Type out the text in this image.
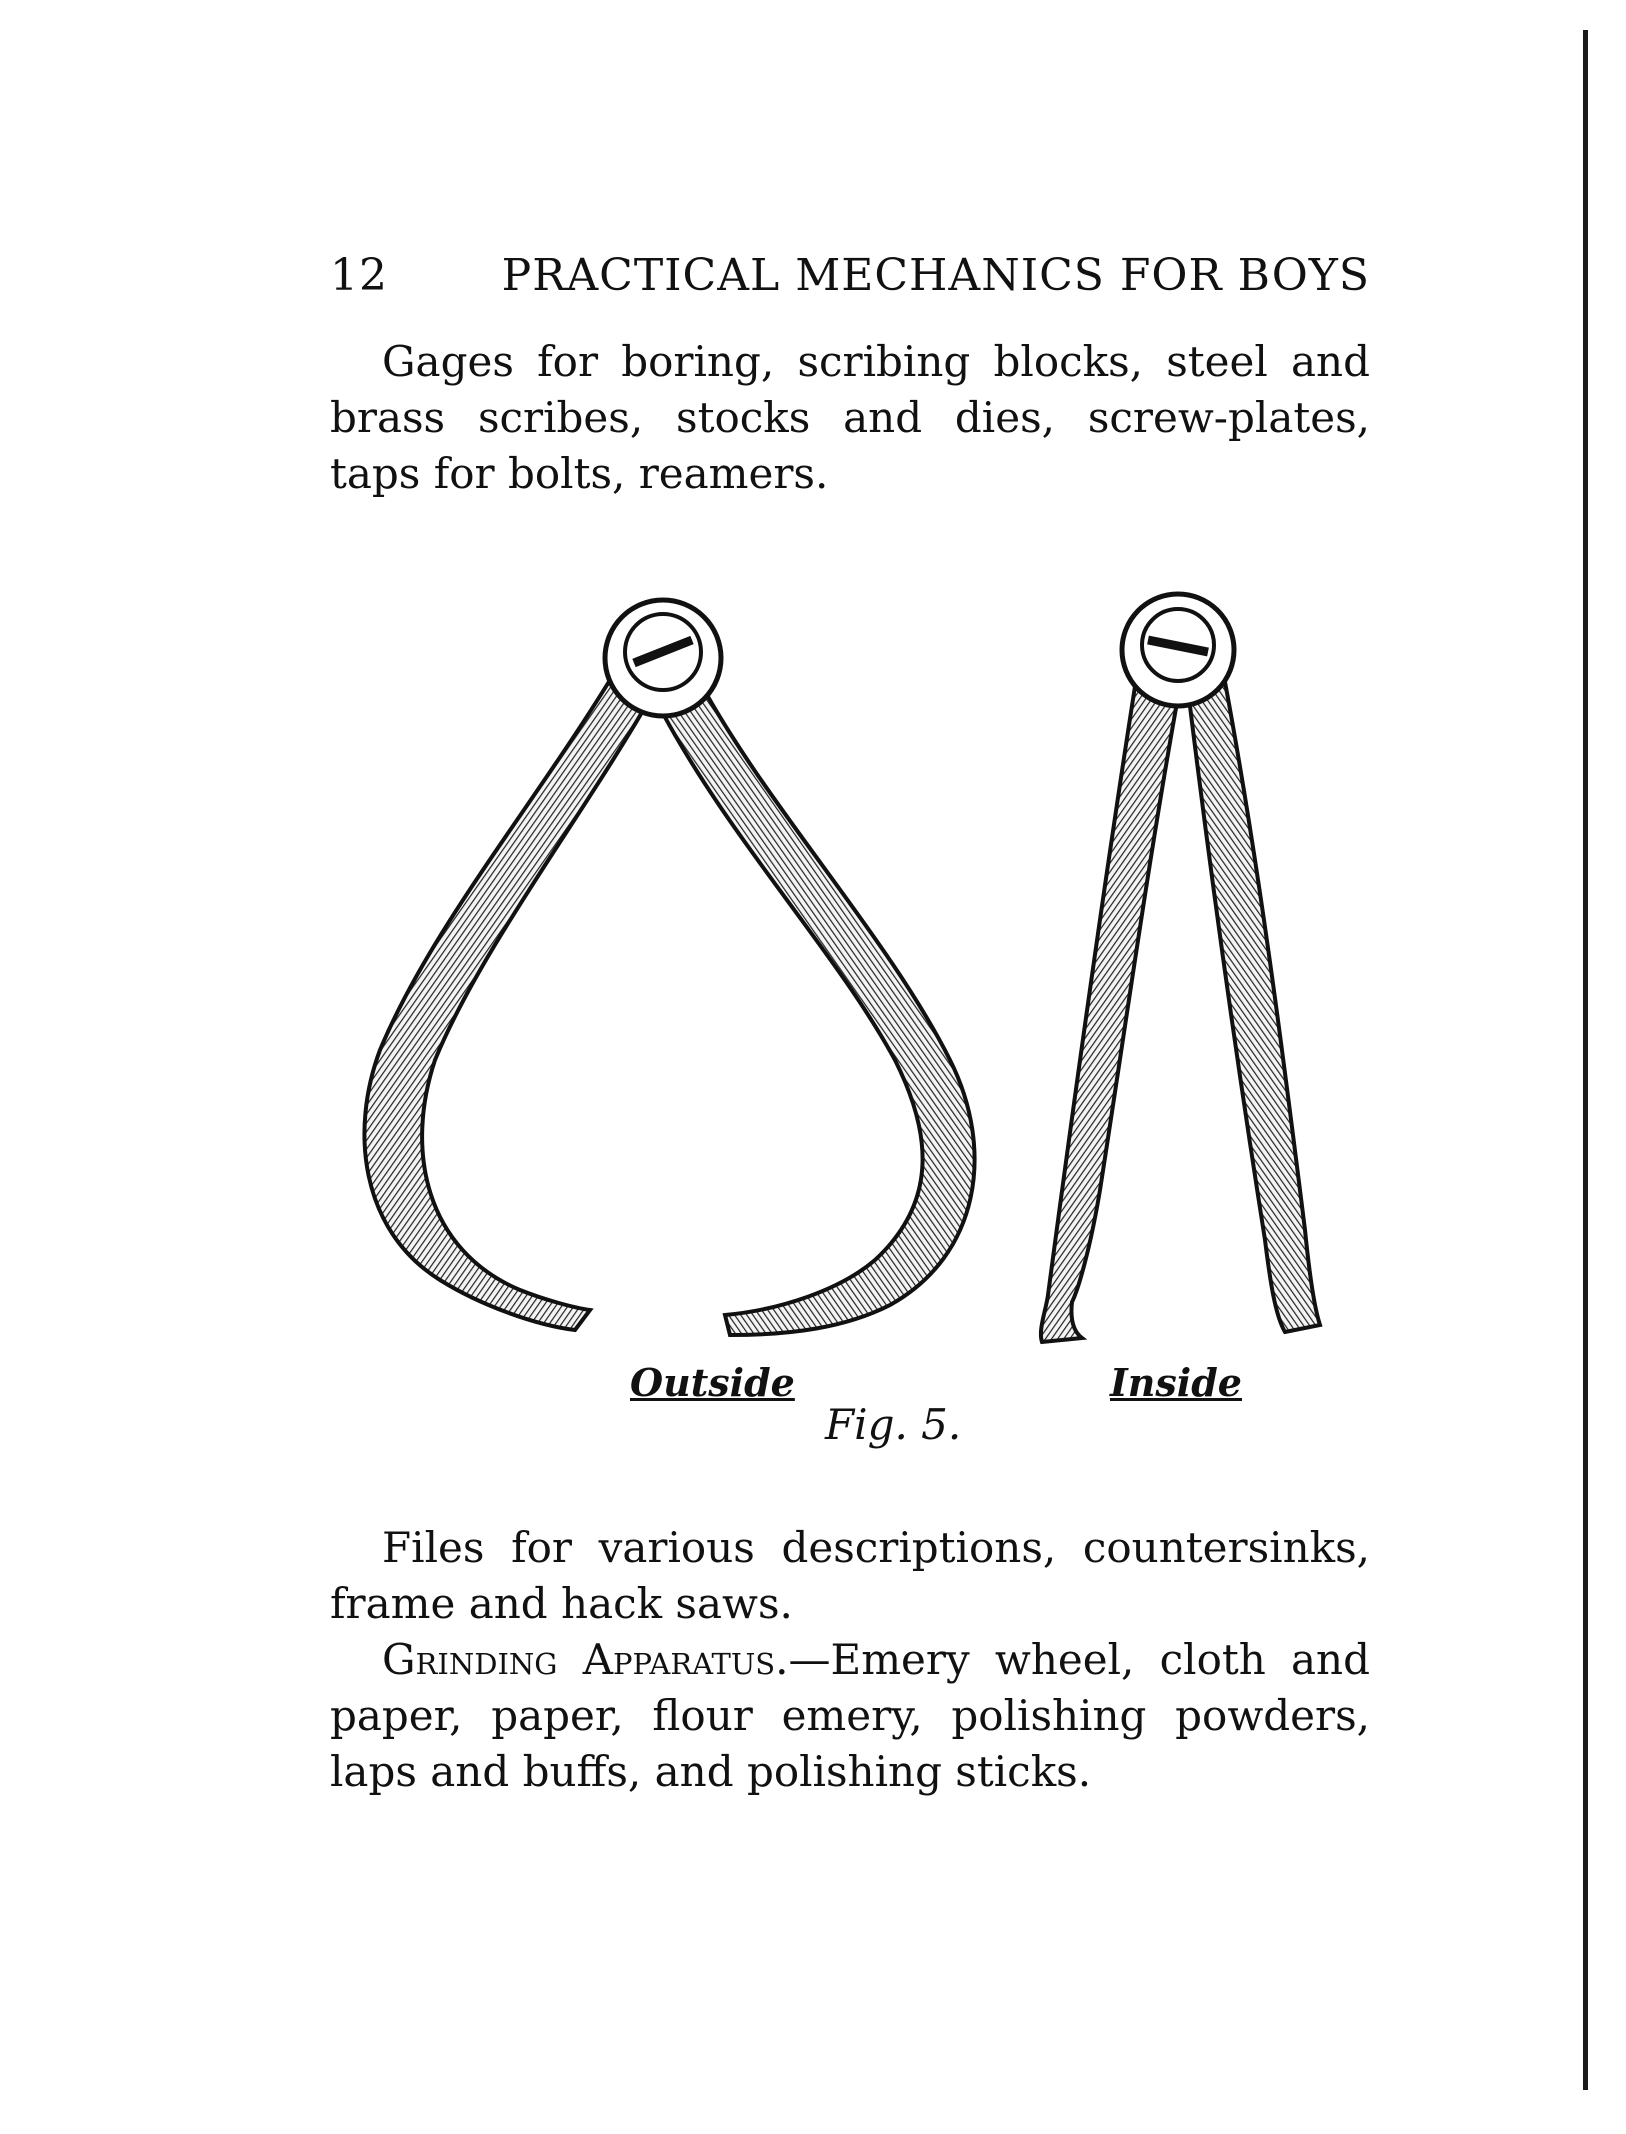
12	PRACTICAL MECHANICS FOR BOYS

Gages for boring, scribing blocks, steel and brass scribes, stocks and dies, screw-plates, taps for bolts, reamers.

Outside	Inside
Fig. 5.

Files for various descriptions, countersinks, frame and hack saws.

Grinding Apparatus.—Emery wheel, cloth and paper, paper, flour emery, polishing powders, laps and buffs, and polishing sticks.
